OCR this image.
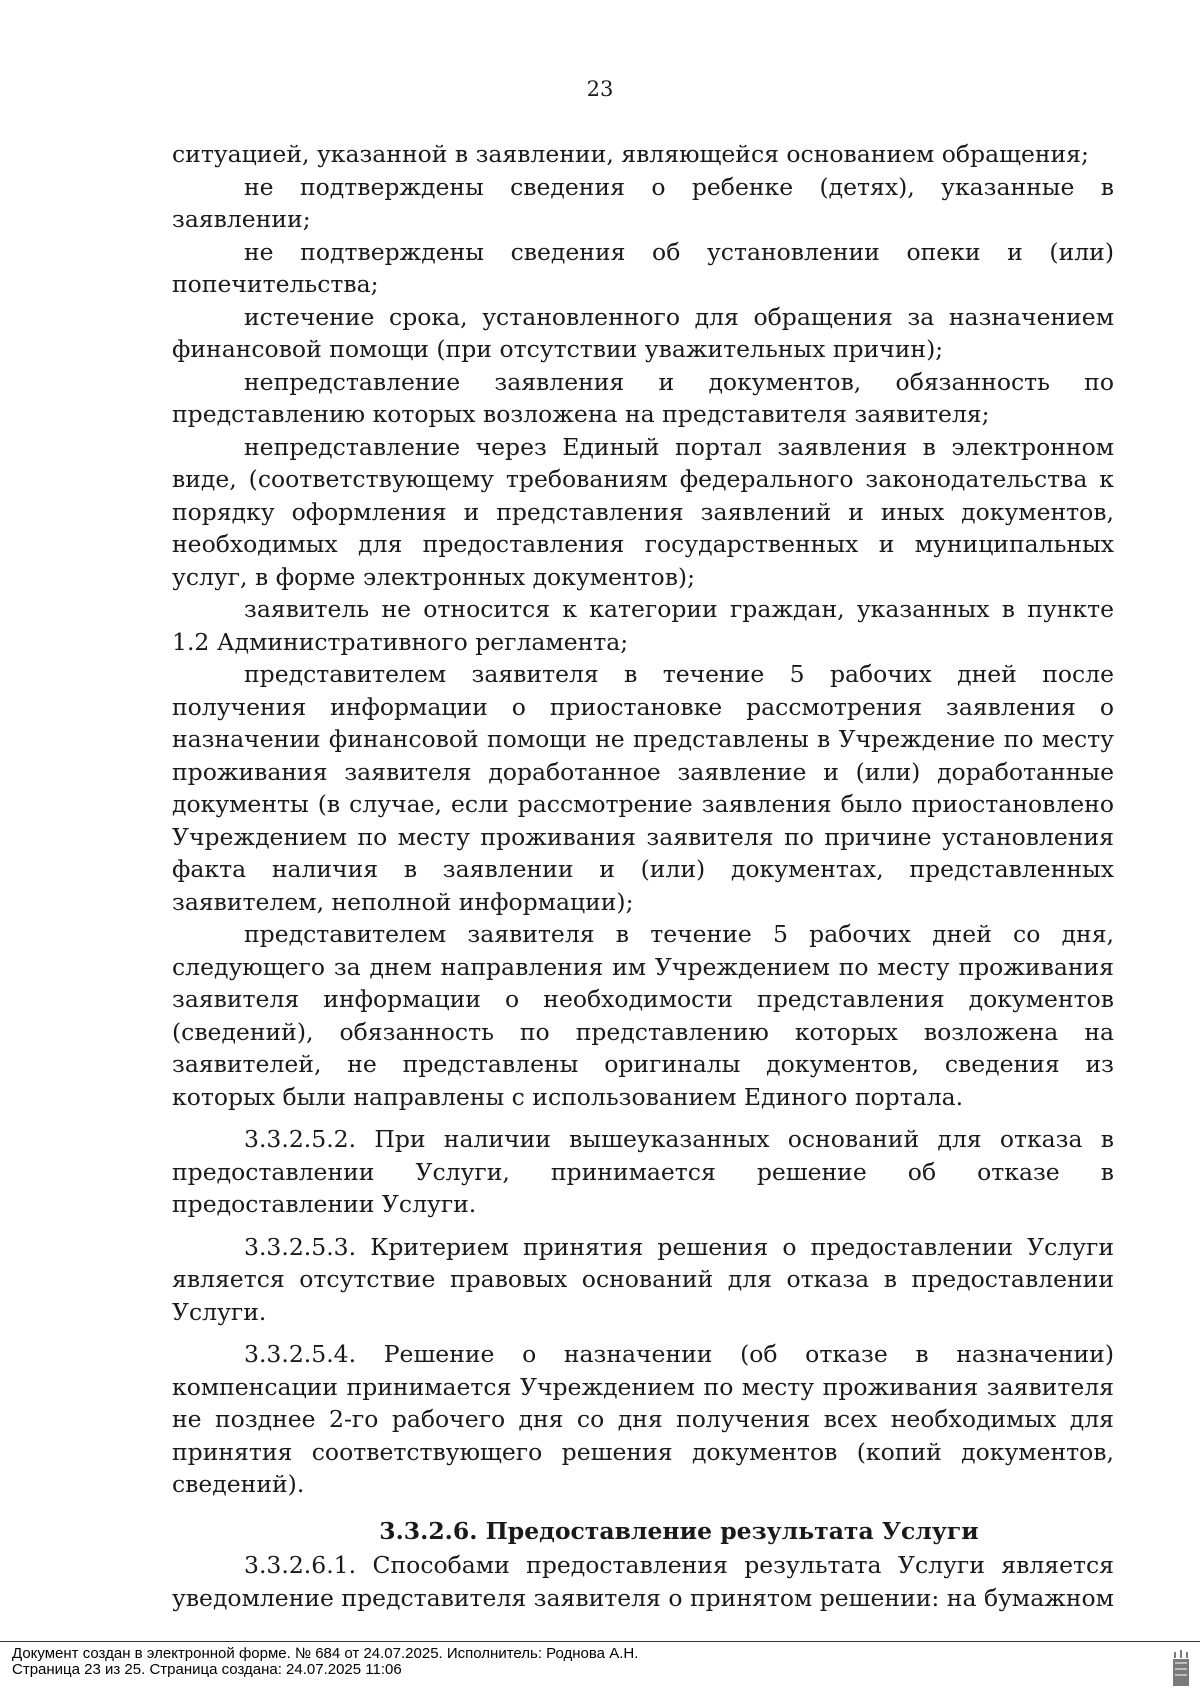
23

ситуацией, указанной в заявлении, являющейся основанием обращения;

не подтверждены сведения о ребенке (детях), указанные в заявлении;

не подтверждены сведения об установлении опеки и (или) попечительства;

истечение срока, установленного для обращения за назначением финансовой помощи (при отсутствии уважительных причин);

непредставление заявления и документов, обязанность по представлению которых возложена на представителя заявителя;

непредставление через Единый портал заявления в электронном виде, (соответствующему требованиям федерального законодательства к порядку оформления и представления заявлений и иных документов, необходимых для предоставления государственных и муниципальных услуг, в форме электронных документов);

заявитель не относится к категории граждан, указанных в пункте 1.2 Административного регламента;

представителем заявителя в течение 5 рабочих дней после получения информации о приостановке рассмотрения заявления о назначении финансовой помощи не представлены в Учреждение по месту проживания заявителя доработанное заявление и (или) доработанные документы (в случае, если рассмотрение заявления было приостановлено Учреждением по месту проживания заявителя по причине установления факта наличия в заявлении и (или) документах, представленных заявителем, неполной информации);

представителем заявителя в течение 5 рабочих дней со дня, следующего за днем направления им Учреждением по месту проживания заявителя информации о необходимости представления документов (сведений), обязанность по представлению которых возложена на заявителей, не представлены оригиналы документов, сведения из которых были направлены с использованием Единого портала.

3.3.2.5.2. При наличии вышеуказанных оснований для отказа в предоставлении Услуги, принимается решение об отказе в предоставлении Услуги.

3.3.2.5.3. Критерием принятия решения о предоставлении Услуги является отсутствие правовых оснований для отказа в предоставлении Услуги.

3.3.2.5.4. Решение о назначении (об отказе в назначении) компенсации принимается Учреждением по месту проживания заявителя не позднее 2-го рабочего дня со дня получения всех необходимых для принятия соответствующего решения документов (копий документов, сведений).

3.3.2.6. Предоставление результата Услуги

3.3.2.6.1. Способами предоставления результата Услуги является уведомление представителя заявителя о принятом решении: на бумажном

Документ создан в электронной форме. № 684 от 24.07.2025. Исполнитель: Роднова А.Н.
Страница 23 из 25. Страница создана: 24.07.2025 11:06
